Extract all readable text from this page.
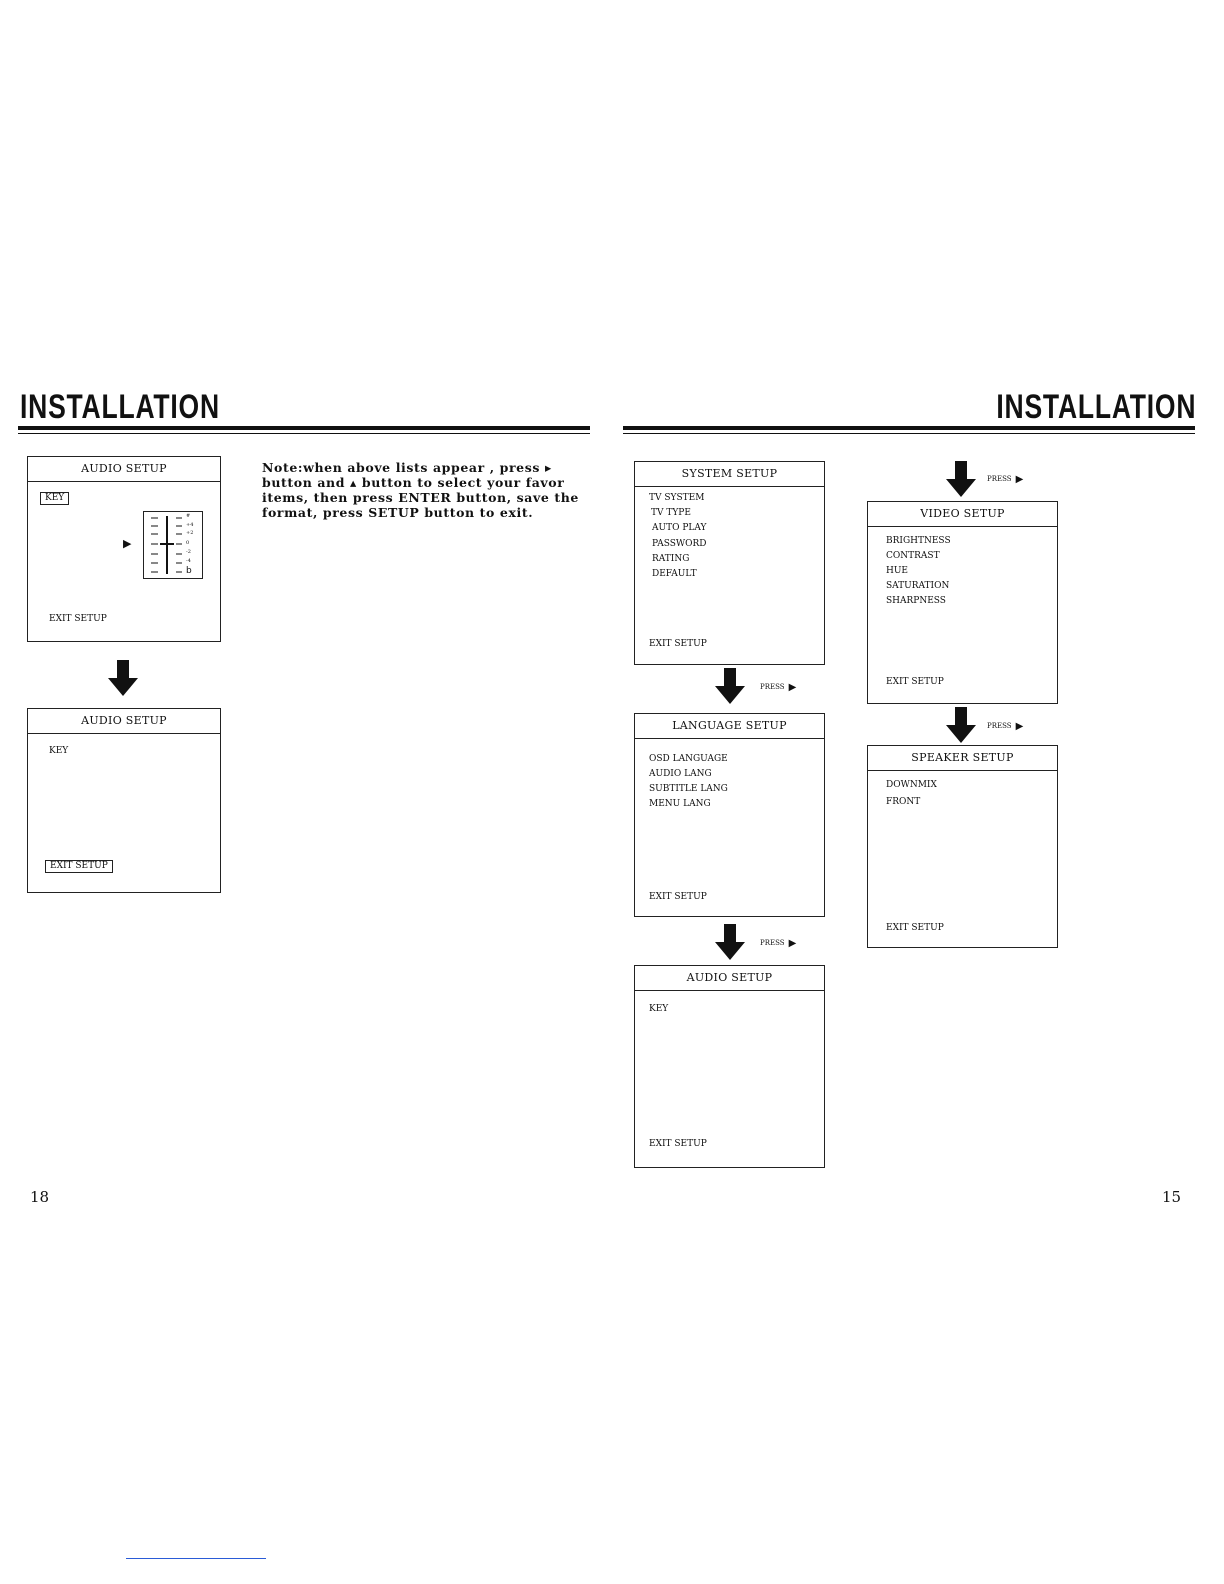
INSTALLATION
AUDIO SETUP
KEY
▶
#
+4
+2
0
-2
-4
b
EXIT SETUP
AUDIO SETUP
KEY
EXIT SETUP
Note:when above lists appear , press ▸ button and ▴ button to select your favor items, then press ENTER button, save the format, press SETUP button to exit.
18
INSTALLATION
SYSTEM SETUP
TV SYSTEM
TV TYPE
AUTO PLAY
PASSWORD
RATING
DEFAULT
EXIT SETUP
PRESS ▶
LANGUAGE SETUP
OSD LANGUAGE
AUDIO LANG
SUBTITLE LANG
MENU LANG
EXIT SETUP
PRESS ▶
AUDIO SETUP
KEY
EXIT SETUP
PRESS ▶
VIDEO SETUP
BRIGHTNESS
CONTRAST
HUE
SATURATION
SHARPNESS
EXIT SETUP
PRESS ▶
SPEAKER SETUP
DOWNMIX
FRONT
EXIT SETUP
15
